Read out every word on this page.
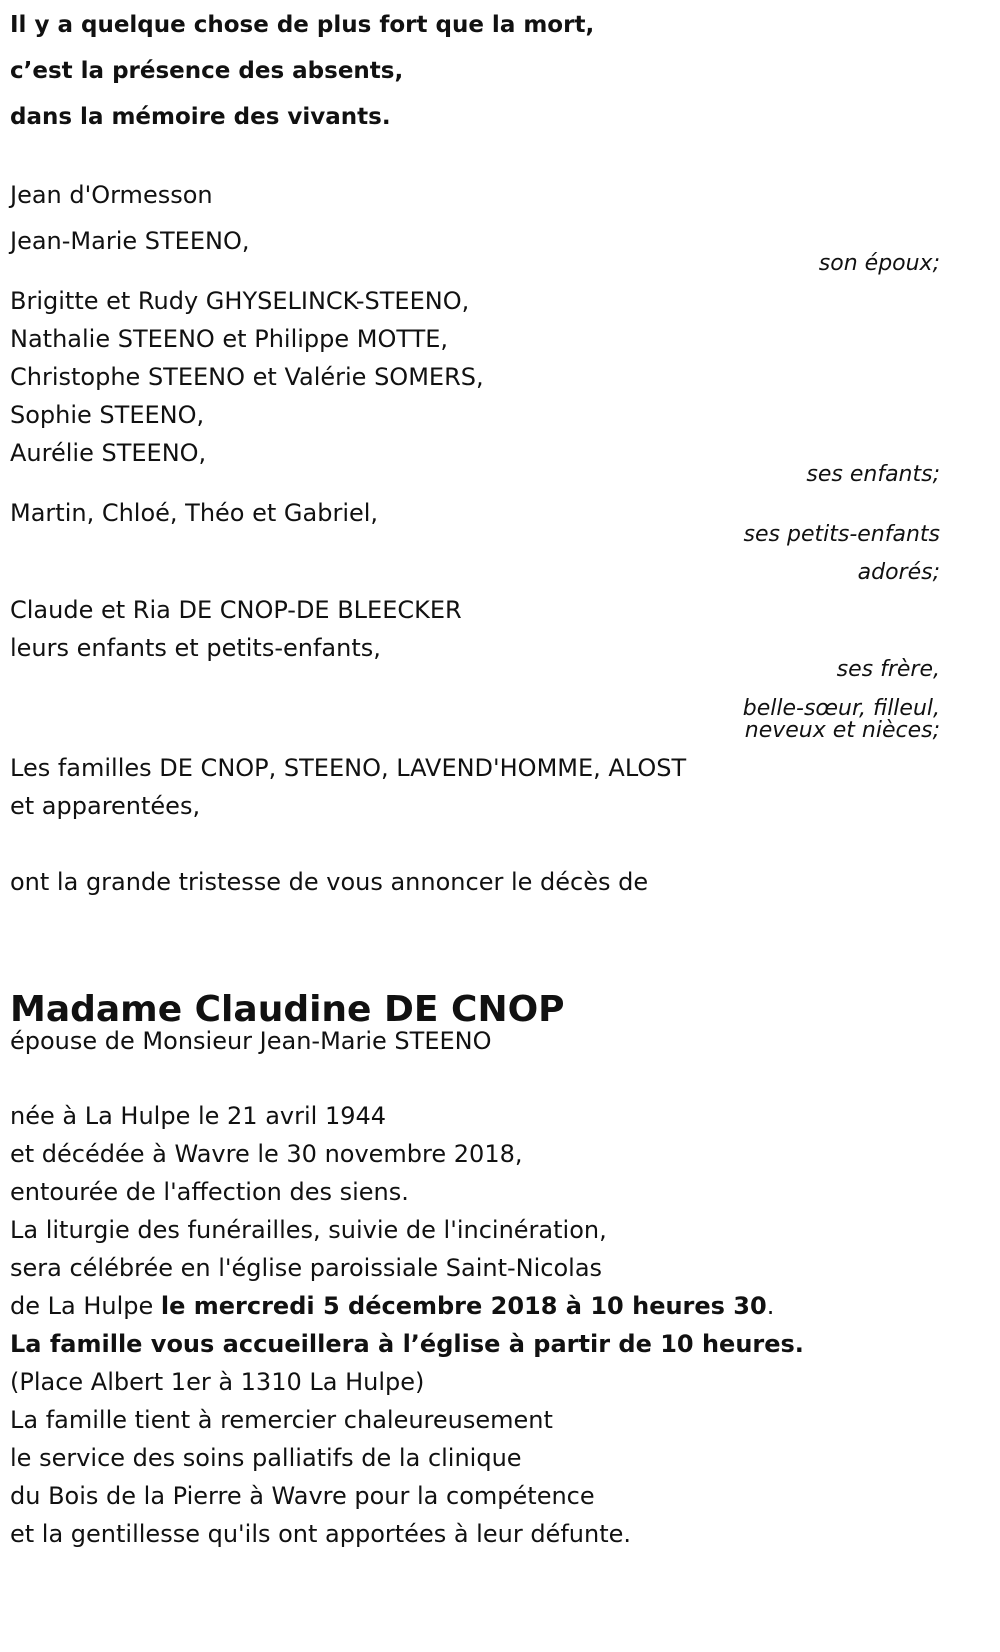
Il y a quelque chose de plus fort que la mort,

c’est la présence des absents,

dans la mémoire des vivants.

Jean d'Ormesson

Jean-Marie STEENO,

son époux;

Brigitte et Rudy GHYSELINCK-STEENO,

Nathalie STEENO et Philippe MOTTE,

Christophe STEENO et Valérie SOMERS,

Sophie STEENO,

Aurélie STEENO,

ses enfants;

Martin, Chloé, Théo et Gabriel,

ses petits-enfants
adorés;

Claude et Ria DE CNOP-DE BLEECKER

leurs enfants et petits-enfants,

ses frère,
belle-sœur, filleul,
neveux et nièces;

Les familles DE CNOP, STEENO, LAVEND'HOMME, ALOST

et apparentées,

ont la grande tristesse de vous annoncer le décès de

Madame Claudine DE CNOP

épouse de Monsieur Jean-Marie STEENO

née à La Hulpe le 21 avril 1944

et décédée à Wavre le 30 novembre 2018,

entourée de l'affection des siens.

La liturgie des funérailles, suivie de l'incinération,

sera célébrée en l'église paroissiale Saint-Nicolas

de La Hulpe le mercredi 5 décembre 2018 à 10 heures 30.

La famille vous accueillera à l’église à partir de 10 heures.

(Place Albert 1er à 1310 La Hulpe)

La famille tient à remercier chaleureusement

le service des soins palliatifs de la clinique

du Bois de la Pierre à Wavre pour la compétence

et la gentillesse qu'ils ont apportées à leur défunte.
